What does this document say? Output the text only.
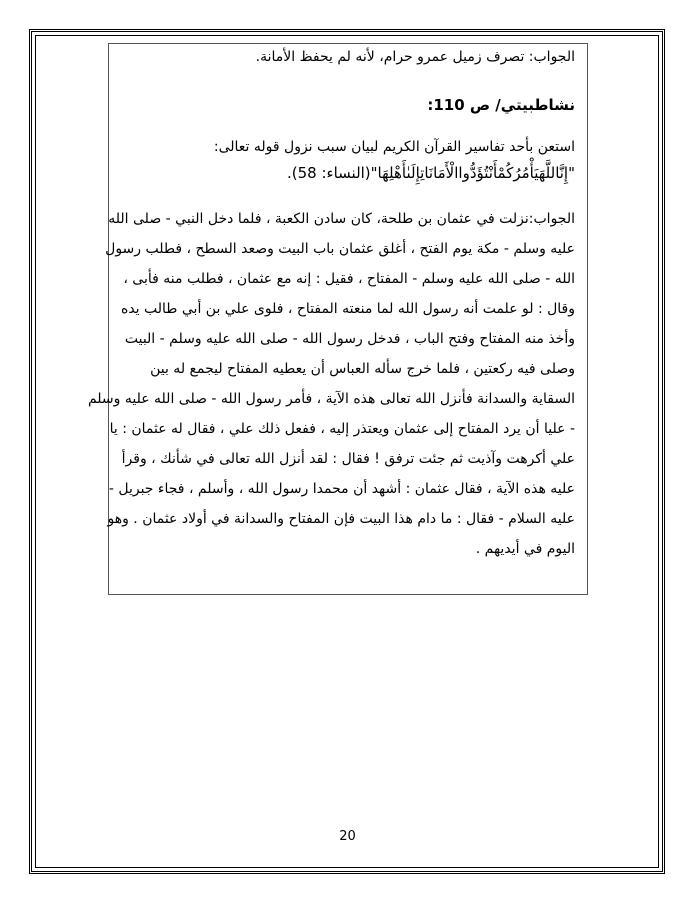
الجواب: تصرف زميل عمرو حرام، لأنه لم يحفظ الأمانة.

نشاطبيتي/ ص 110:

استعن بأحد تفاسير القرآن الكريم لبيان سبب نزول قوله تعالى:

"إِنَّاللَّهَيَأْمُرُكُمْأَنْتُؤَدُّواالْأَمَانَاتِإِلَىٰأَهْلِهَا"(النساء: 58).

الجواب:نزلت في عثمان بن طلحة، كان سادن الكعبة ، فلما دخل النبي - صلى الله

عليه وسلم - مكة يوم الفتح ، أغلق عثمان باب البيت وصعد السطح ، فطلب رسول

الله - صلى الله عليه وسلم - المفتاح ، فقيل : إنه مع عثمان ، فطلب منه فأبى ،

وقال : لو علمت أنه رسول الله لما منعته المفتاح ، فلوى علي بن أبي طالب يده

وأخذ منه المفتاح وفتح الباب ، فدخل رسول الله - صلى الله عليه وسلم - البيت

وصلى فيه ركعتين ، فلما خرج سأله العباس أن يعطيه المفتاح ليجمع له بين

السقاية والسدانة فأنزل الله تعالى هذه الآية ، فأمر رسول الله - صلى الله عليه وسلم

- عليا أن يرد المفتاح إلى عثمان ويعتذر إليه ، ففعل ذلك علي ، فقال له عثمان : يا

علي أكرهت وآذيت ثم جئت ترفق ! فقال : لقد أنزل الله تعالى في شأنك ، وقرأ

عليه هذه الآية ، فقال عثمان : أشهد أن محمدا رسول الله ، وأسلم ، فجاء جبريل -

عليه السلام - فقال : ما دام هذا البيت فإن المفتاح والسدانة في أولاد عثمان . وهو

اليوم في أيديهم .

20
